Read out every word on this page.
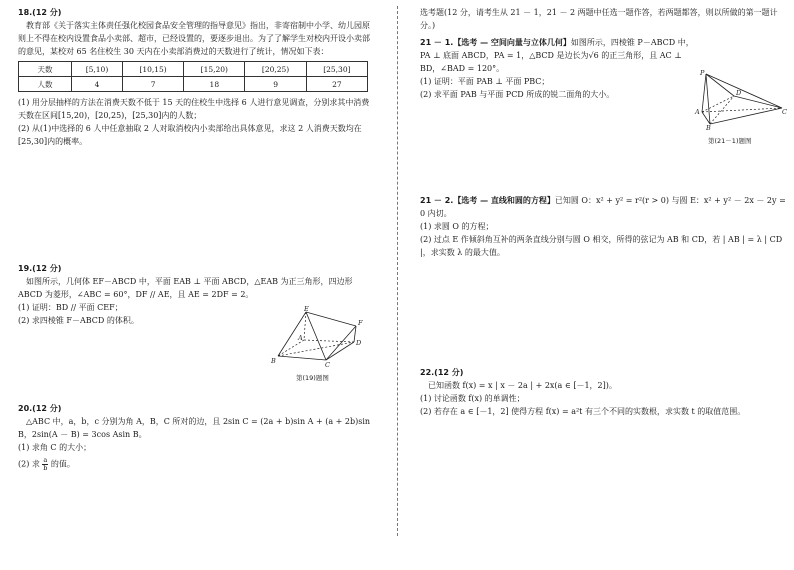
18.(12 分)

教育部《关于落实主体责任强化校园食品安全管理的指导意见》指出，非寄宿制中小学、幼儿园原则上不得在校内设置食品小卖部、超市，已经设置的，要逐步退出。为了了解学生对校内开设小卖部的意见，某校对 65 名住校生 30 天内在小卖部消费过的天数进行了统计，情况如下表：

天数	[5,10)	[10,15)	[15,20)	[20,25)	[25,30]
人数	4	7	18	9	27

(1) 用分层抽样的方法在消费天数不低于 15 天的住校生中选择 6 人进行意见调查，分别求其中消费天数在区间[15,20)，[20,25)，[25,30]内的人数；

(2) 从(1)中选择的 6 人中任意抽取 2 人对取消校内小卖部给出具体意见，求这 2 人消费天数均在[25,30]内的概率。

19.(12 分)

如图所示，几何体 EF－ABCD 中，平面 EAB ⊥ 平面 ABCD，△EAB 为正三角形，四边形 ABCD 为菱形，∠ABC = 60°，DF // AE，且 AE = 2DF = 2。

(1) 证明：BD // 平面 CEF；

(2) 求四棱锥 F－ABCD 的体积。

E
F
D
A
B	C
第(19)题图

20.(12 分)

△ABC 中，a，b，c 分别为角 A，B，C 所对的边，且 2sin C = (2a + b)sin A + (a + 2b)sin B，2sin(A － B) = 3cos Asin B。

(1) 求角 C 的大小；

(2) 求 $\frac{a}{b}$ 的值。

选考题(12 分，请考生从 21 － 1，21 － 2 两题中任选一题作答，若两题都答，则以所做的第一题计分。)

21 － 1.【选考 — 空间向量与立体几何】如图所示，四棱锥 P－ABCD 中，PA ⊥ 底面 ABCD，PA = 1，△BCD 是边长为√6 的正三角形，且 AC ⊥ BD，∠BAD = 120°。

(1) 证明：平面 PAB ⊥ 平面 PBC；

(2) 求平面 PAB 与平面 PCD 所成的锐二面角的大小。

P
D
A
B
C
第(21－1)题图

21 － 2.【选考 — 直线和圆的方程】已知圆 O：x² + y² = r²(r > 0) 与圆 E：x² + y² － 2x － 2y = 0 内切。

(1) 求圆 O 的方程；

(2) 过点 E 作倾斜角互补的两条直线分别与圆 O 相交，所得的弦记为 AB 和 CD，若 | AB | = λ | CD |，求实数 λ 的最大值。

22.(12 分)

已知函数 f(x) = x | x － 2a | + 2x(a ∈ [－1，2])。

(1) 讨论函数 f(x) 的单调性；

(2) 若存在 a ∈ [－1，2] 使得方程 f(x) = a²t 有三个不同的实数根，求实数 t 的取值范围。
